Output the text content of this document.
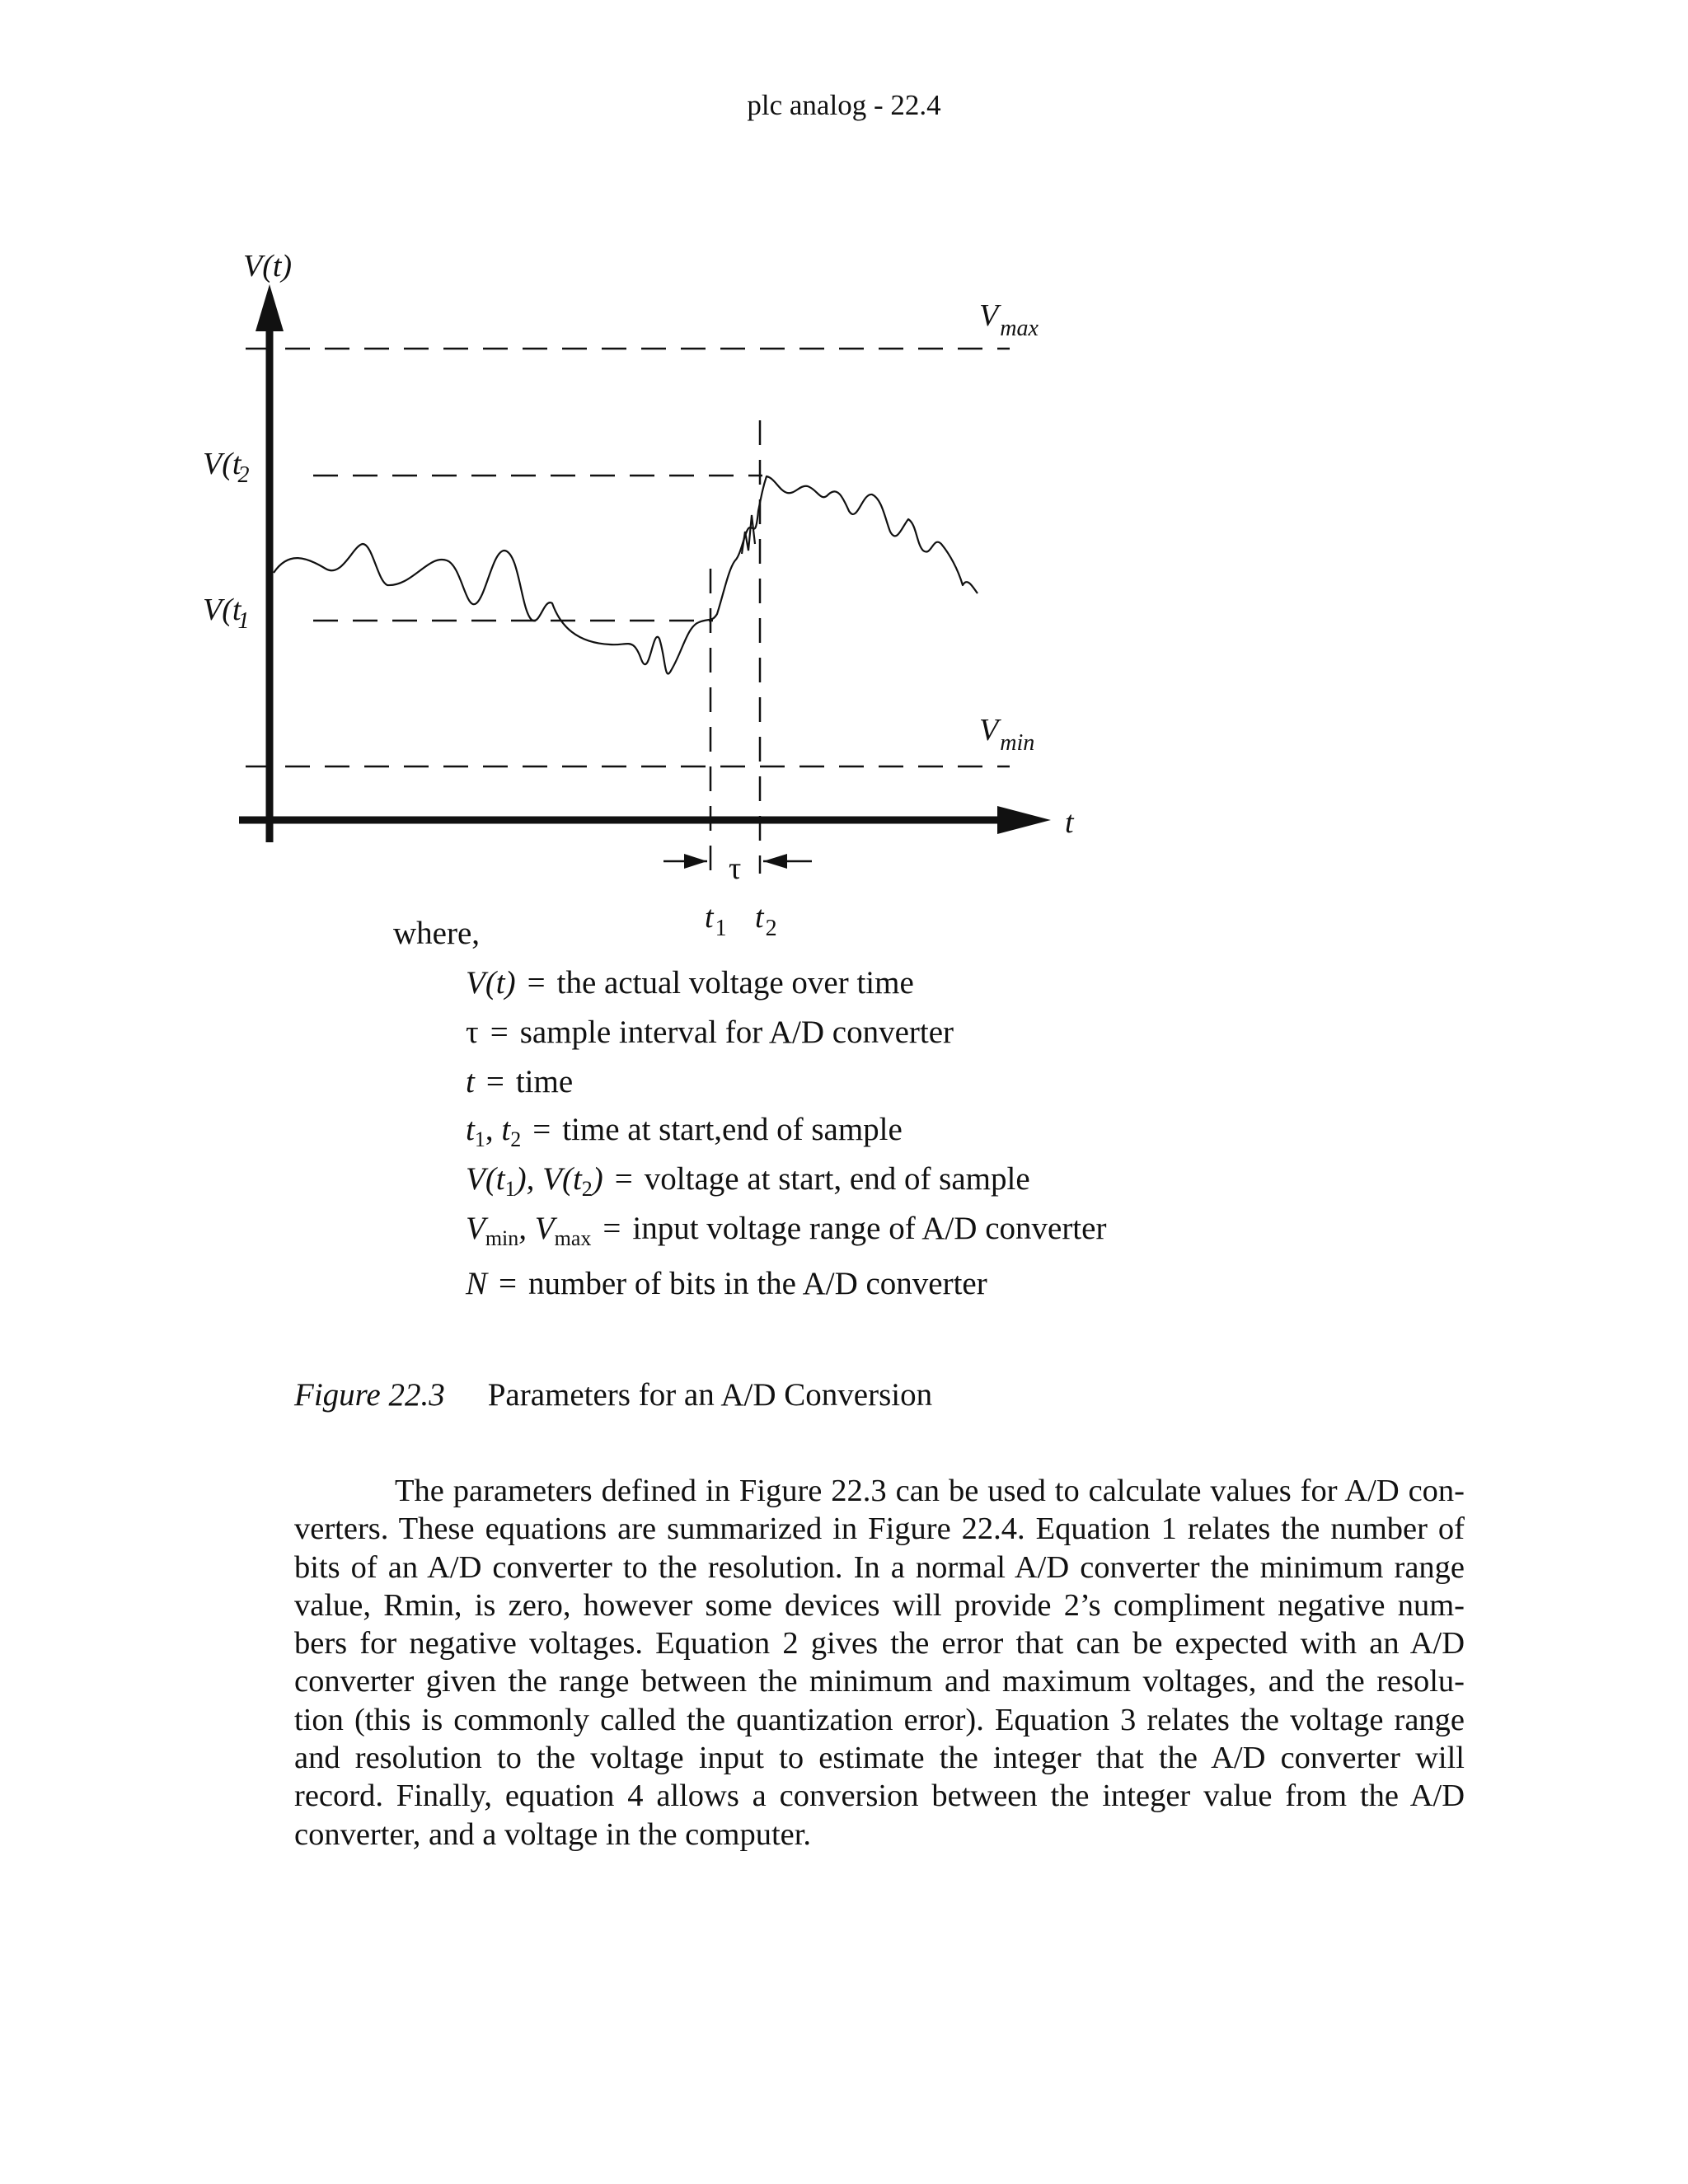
plc analog - 22.4
V(t)
t
$V_{max}$
$V_{min}$
V(t2
V(t1
τ
$t_1$ $t_2$
where,
V(t) = the actual voltage over time
τ = sample interval for A/D converter
t = time
$t_1$, $t_2$ = time at start,end of sample
$V(t_1)$, $V(t_2)$ = voltage at start, end of sample
$V_{min}$, $V_{max}$ = input voltage range of A/D converter
N = number of bits in the A/D converter
Figure 22.3 Parameters for an A/D Conversion
The parameters defined in Figure 22.3 can be used to calculate values for A/D con-
verters. These equations are summarized in Figure 22.4. Equation 1 relates the number of
bits of an A/D converter to the resolution. In a normal A/D converter the minimum range
value, Rmin, is zero, however some devices will provide 2’s compliment negative num-
bers for negative voltages. Equation 2 gives the error that can be expected with an A/D
converter given the range between the minimum and maximum voltages, and the resolu-
tion (this is commonly called the quantization error). Equation 3 relates the voltage range
and resolution to the voltage input to estimate the integer that the A/D converter will
record. Finally, equation 4 allows a conversion between the integer value from the A/D
converter, and a voltage in the computer.
